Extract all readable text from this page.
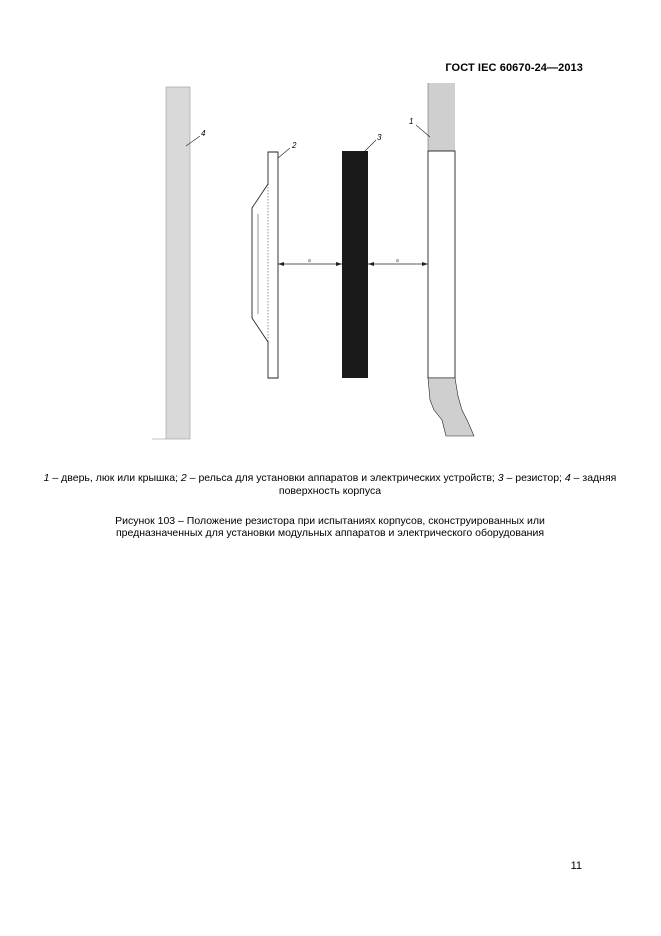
ГОСТ IEC 60670-24—2013
a	a
4
2
3
1
1 – дверь, люк или крышка; 2 – рельса для установки аппаратов и электрических устройств; 3 – резистор; 4 – задняя поверхность корпуса
Рисунок 103 – Положение резистора при испытаниях корпусов, сконструированных или
предназначенных для установки модульных аппаратов и электрического оборудования
11
